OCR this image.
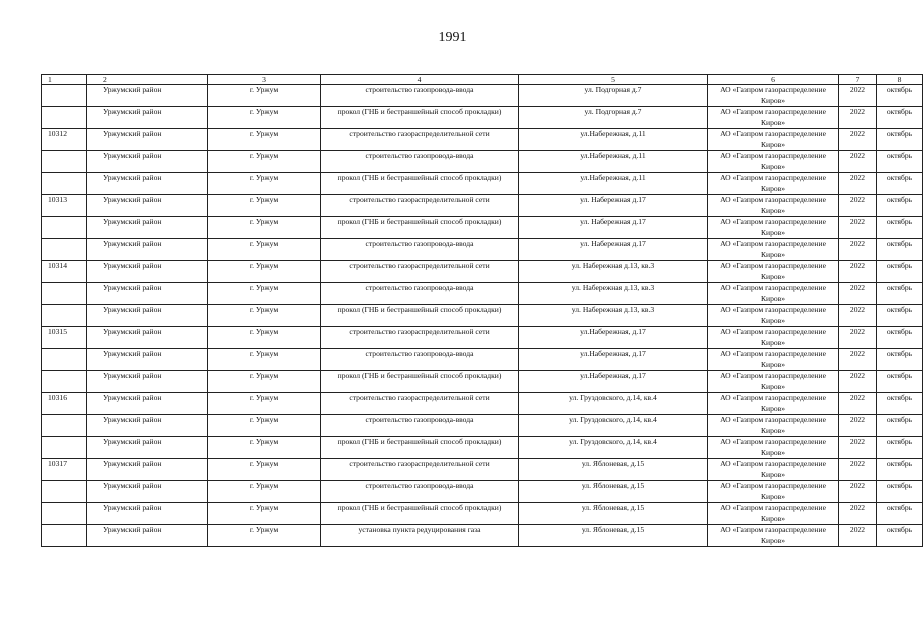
1991
1	2	3	4	5	6	7	8
	Уржумский район	г. Уржум	строительство газопровода-ввода	ул. Подгорная д.7	АО «Газпром газораспределение Киров»	2022	октябрь
	Уржумский район	г. Уржум	прокол (ГНБ и бестраншейный способ прокладки)	ул. Подгорная д.7	АО «Газпром газораспределение Киров»	2022	октябрь
10312	Уржумский район	г. Уржум	строительство газораспределительной сети	ул.Набережная, д.11	АО «Газпром газораспределение Киров»	2022	октябрь
	Уржумский район	г. Уржум	строительство газопровода-ввода	ул.Набережная, д.11	АО «Газпром газораспределение Киров»	2022	октябрь
	Уржумский район	г. Уржум	прокол (ГНБ и бестраншейный способ прокладки)	ул.Набережная, д.11	АО «Газпром газораспределение Киров»	2022	октябрь
10313	Уржумский район	г. Уржум	строительство газораспределительной сети	ул. Набережная д.17	АО «Газпром газораспределение Киров»	2022	октябрь
	Уржумский район	г. Уржум	прокол (ГНБ и бестраншейный способ прокладки)	ул. Набережная д.17	АО «Газпром газораспределение Киров»	2022	октябрь
	Уржумский район	г. Уржум	строительство газопровода-ввода	ул. Набережная д.17	АО «Газпром газораспределение Киров»	2022	октябрь
10314	Уржумский район	г. Уржум	строительство газораспределительной сети	ул. Набережная д.13, кв.3	АО «Газпром газораспределение Киров»	2022	октябрь
	Уржумский район	г. Уржум	строительство газопровода-ввода	ул. Набережная д.13, кв.3	АО «Газпром газораспределение Киров»	2022	октябрь
	Уржумский район	г. Уржум	прокол (ГНБ и бестраншейный способ прокладки)	ул. Набережная д.13, кв.3	АО «Газпром газораспределение Киров»	2022	октябрь
10315	Уржумский район	г. Уржум	строительство газораспределительной сети	ул.Набережная, д.17	АО «Газпром газораспределение Киров»	2022	октябрь
	Уржумский район	г. Уржум	строительство газопровода-ввода	ул.Набережная, д.17	АО «Газпром газораспределение Киров»	2022	октябрь
	Уржумский район	г. Уржум	прокол (ГНБ и бестраншейный способ прокладки)	ул.Набережная, д.17	АО «Газпром газораспределение Киров»	2022	октябрь
10316	Уржумский район	г. Уржум	строительство газораспределительной сети	ул. Груздовского, д.14, кв.4	АО «Газпром газораспределение Киров»	2022	октябрь
	Уржумский район	г. Уржум	строительство газопровода-ввода	ул. Груздовского, д.14, кв.4	АО «Газпром газораспределение Киров»	2022	октябрь
	Уржумский район	г. Уржум	прокол (ГНБ и бестраншейный способ прокладки)	ул. Груздовского, д.14, кв.4	АО «Газпром газораспределение Киров»	2022	октябрь
10317	Уржумский район	г. Уржум	строительство газораспределительной сети	ул. Яблоневая, д.15	АО «Газпром газораспределение Киров»	2022	октябрь
	Уржумский район	г. Уржум	строительство газопровода-ввода	ул. Яблоневая, д.15	АО «Газпром газораспределение Киров»	2022	октябрь
	Уржумский район	г. Уржум	прокол (ГНБ и бестраншейный способ прокладки)	ул. Яблоневая, д.15	АО «Газпром газораспределение Киров»	2022	октябрь
	Уржумский район	г. Уржум	установка пункта редуцирования газа	ул. Яблоневая, д.15	АО «Газпром газораспределение Киров»	2022	октябрь
